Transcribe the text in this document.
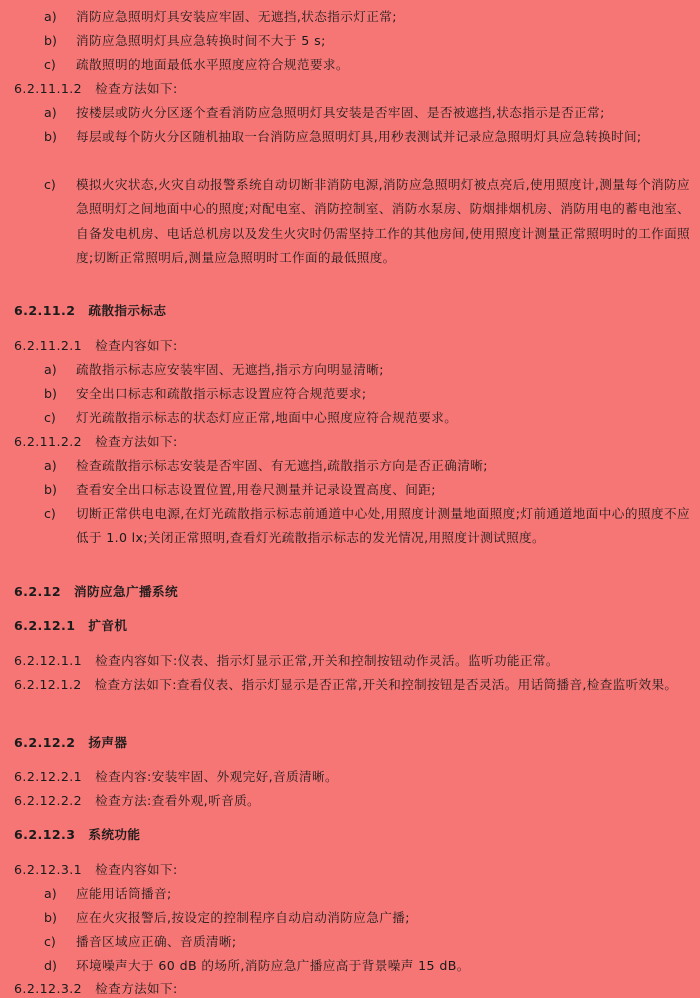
a) 消防应急照明灯具安装应牢固、无遮挡,状态指示灯正常;
b) 消防应急照明灯具应急转换时间不大于 5 s;
c) 疏散照明的地面最低水平照度应符合规范要求。
6.2.11.1.2　检查方法如下:
a) 按楼层或防火分区逐个查看消防应急照明灯具安装是否牢固、是否被遮挡,状态指示是否正常;
b) 每层或每个防火分区随机抽取一台消防应急照明灯具,用秒表测试并记录应急照明灯具应急转换时间;
c) 模拟火灾状态,火灾自动报警系统自动切断非消防电源,消防应急照明灯被点亮后,使用照度计,测量每个消防应急照明灯之间地面中心的照度;对配电室、消防控制室、消防水泵房、防烟排烟机房、消防用电的蓄电池室、自备发电机房、电话总机房以及发生火灾时仍需坚持工作的其他房间,使用照度计测量正常照明时的工作面照度;切断正常照明后,测量应急照明时工作面的最低照度。
6.2.11.2　疏散指示标志
6.2.11.2.1　检查内容如下:
a) 疏散指示标志应安装牢固、无遮挡,指示方向明显清晰;
b) 安全出口标志和疏散指示标志设置应符合规范要求;
c) 灯光疏散指示标志的状态灯应正常,地面中心照度应符合规范要求。
6.2.11.2.2　检查方法如下:
a) 检查疏散指示标志安装是否牢固、有无遮挡,疏散指示方向是否正确清晰;
b) 查看安全出口标志设置位置,用卷尺测量并记录设置高度、间距;
c) 切断正常供电电源,在灯光疏散指示标志前通道中心处,用照度计测量地面照度;灯前通道地面中心的照度不应低于 1.0 lx;关闭正常照明,查看灯光疏散指示标志的发光情况,用照度计测试照度。
6.2.12　消防应急广播系统
6.2.12.1　扩音机
6.2.12.1.1　检查内容如下:仪表、指示灯显示正常,开关和控制按钮动作灵活。监听功能正常。
6.2.12.1.2　检查方法如下:查看仪表、指示灯显示是否正常,开关和控制按钮是否灵活。用话筒播音,检查监听效果。
6.2.12.2　扬声器
6.2.12.2.1　检查内容:安装牢固、外观完好,音质清晰。
6.2.12.2.2　检查方法:查看外观,听音质。
6.2.12.3　系统功能
6.2.12.3.1　检查内容如下:
a) 应能用话筒播音;
b) 应在火灾报警后,按设定的控制程序自动启动消防应急广播;
c) 播音区域应正确、音质清晰;
d) 环境噪声大于 60 dB 的场所,消防应急广播应高于背景噪声 15 dB。
6.2.12.3.2　检查方法如下:
